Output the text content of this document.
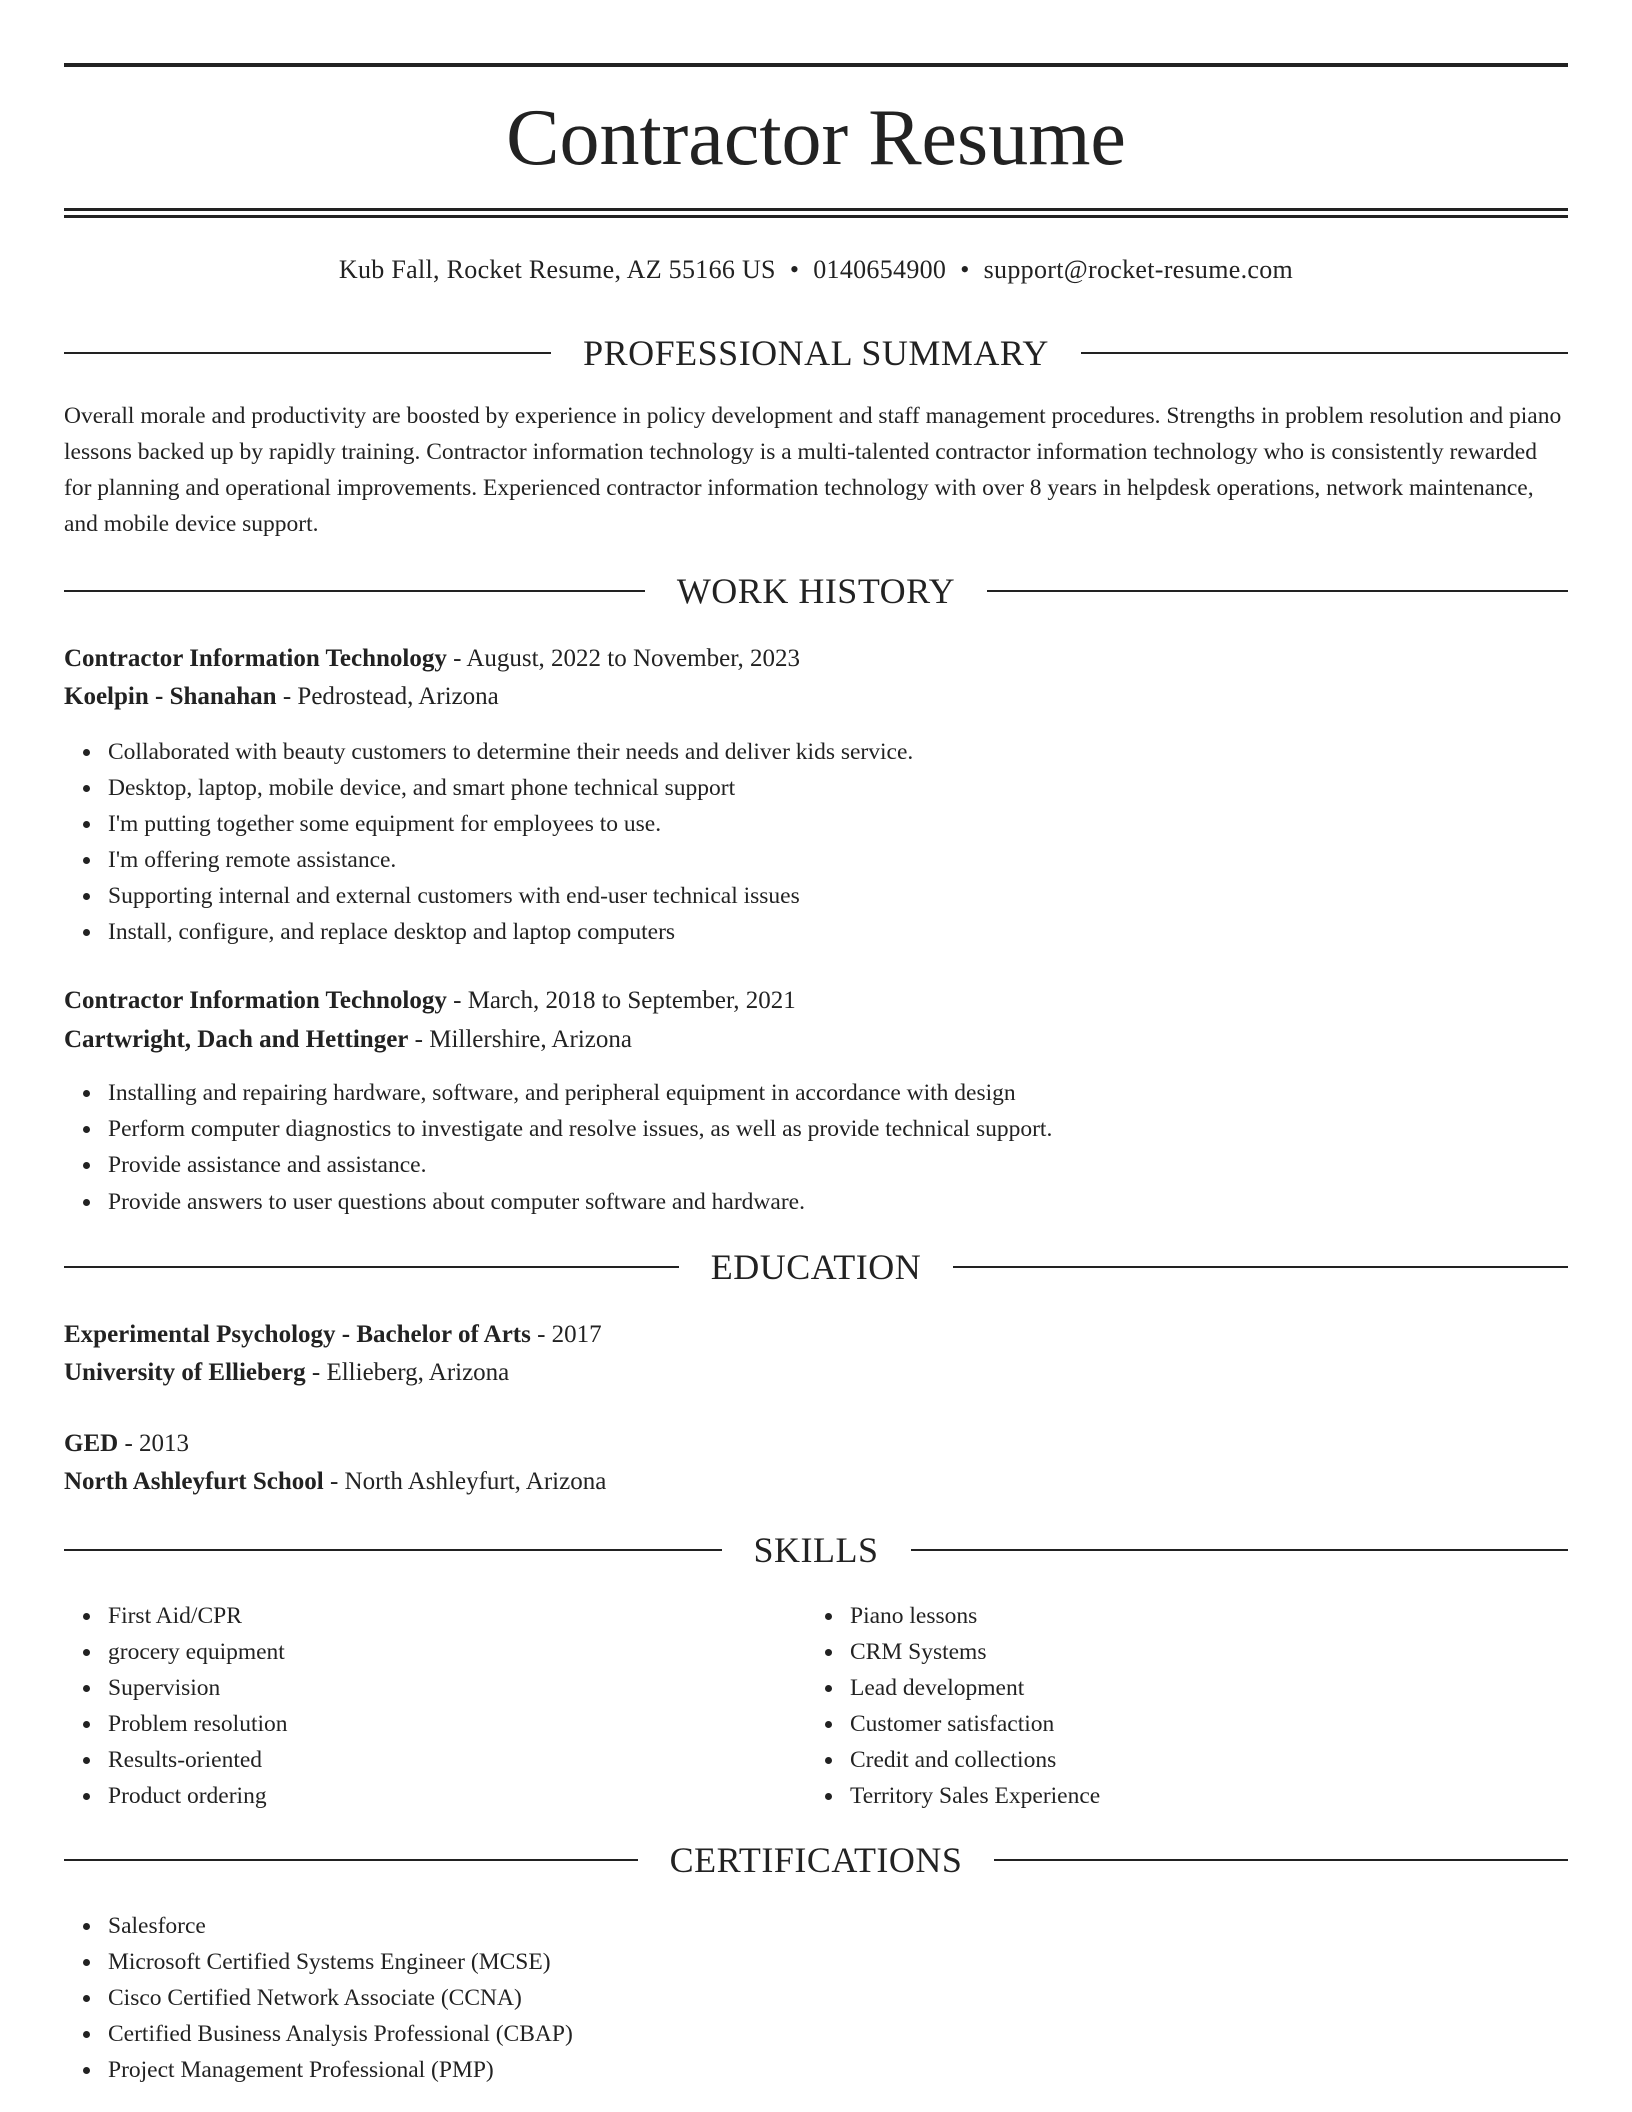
Contractor Resume
Kub Fall, Rocket Resume, AZ 55166 US • 0140654900 • support@rocket-resume.com
PROFESSIONAL SUMMARY

Overall morale and productivity are boosted by experience in policy development and staff management procedures. Strengths in problem resolution and piano lessons backed up by rapidly training. Contractor information technology is a multi-talented contractor information technology who is consistently rewarded for planning and operational improvements. Experienced contractor information technology with over 8 years in helpdesk operations, network maintenance, and mobile device support.

WORK HISTORY
Contractor Information Technology - August, 2022 to November, 2023
Koelpin - Shanahan - Pedrostead, Arizona
Collaborated with beauty customers to determine their needs and deliver kids service.
Desktop, laptop, mobile device, and smart phone technical support
I'm putting together some equipment for employees to use.
I'm offering remote assistance.
Supporting internal and external customers with end-user technical issues
Install, configure, and replace desktop and laptop computers
Contractor Information Technology - March, 2018 to September, 2021
Cartwright, Dach and Hettinger - Millershire, Arizona
Installing and repairing hardware, software, and peripheral equipment in accordance with design
Perform computer diagnostics to investigate and resolve issues, as well as provide technical support.
Provide assistance and assistance.
Provide answers to user questions about computer software and hardware.
EDUCATION
Experimental Psychology - Bachelor of Arts - 2017
University of Ellieberg - Ellieberg, Arizona
GED - 2013
North Ashleyfurt School - North Ashleyfurt, Arizona
SKILLS
First Aid/CPR
grocery equipment
Supervision
Problem resolution
Results-oriented
Product ordering
Piano lessons
CRM Systems
Lead development
Customer satisfaction
Credit and collections
Territory Sales Experience
CERTIFICATIONS
Salesforce
Microsoft Certified Systems Engineer (MCSE)
Cisco Certified Network Associate (CCNA)
Certified Business Analysis Professional (CBAP)
Project Management Professional (PMP)
